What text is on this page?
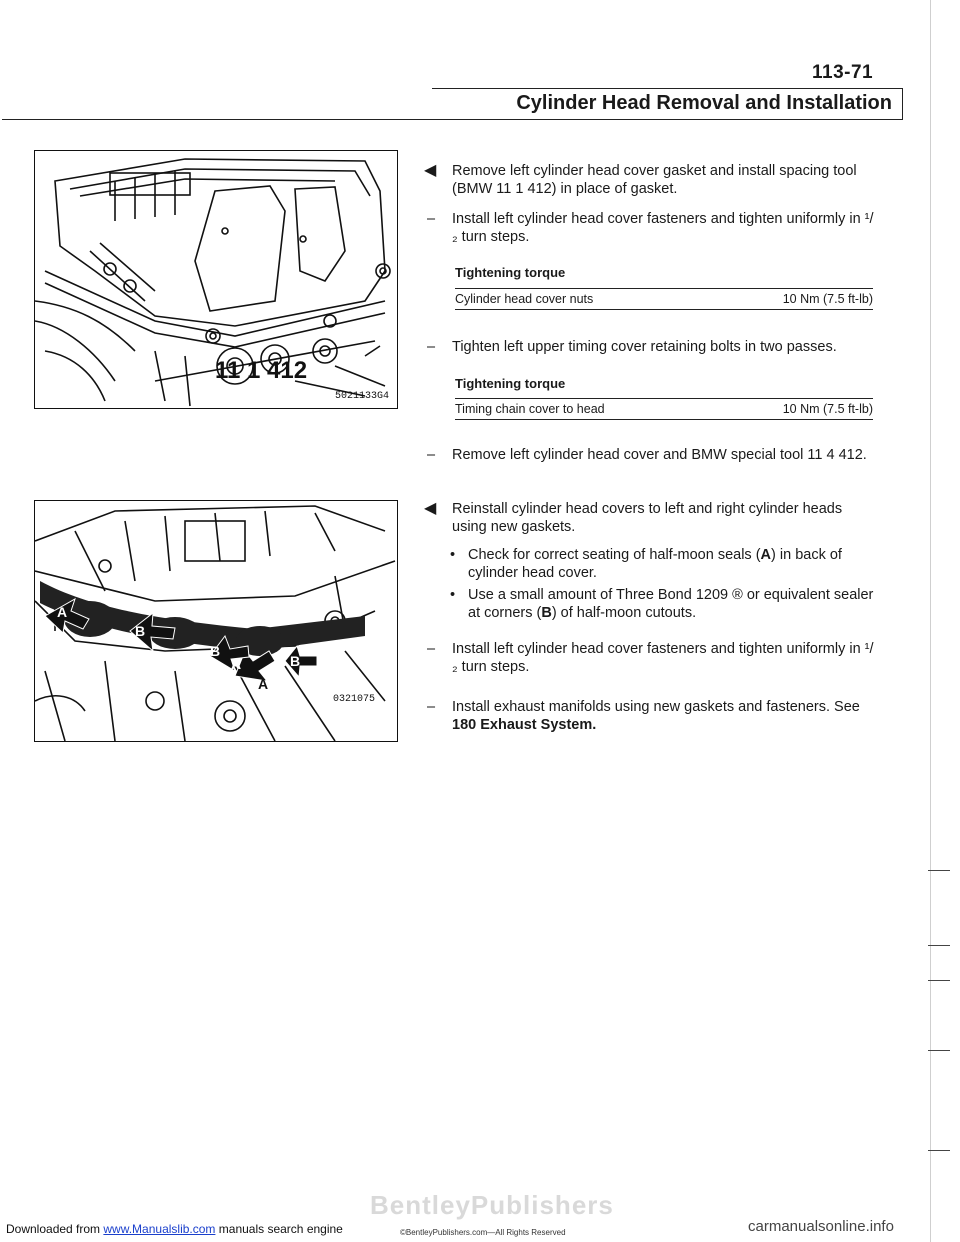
113-71
Cylinder Head Removal and Installation
11 1 412
5021133G4
A
A
B
B
A
B
0321075
◀	Remove left cylinder head cover gasket and install spacing tool (BMW 11 1 412) in place of gasket.
–	Install left cylinder head cover fasteners and tighten uniformly in ¹/₂ turn steps.
Tightening torque
Cylinder head cover nuts	10 Nm (7.5 ft-lb)
–	Tighten left upper timing cover retaining bolts in two passes.
Tightening torque
Timing chain cover to head	10 Nm (7.5 ft-lb)
–	Remove left cylinder head cover and BMW special tool 11 4 412.
◀	Reinstall cylinder head covers to left and right cylinder heads using new gaskets.
• Check for correct seating of half-moon seals (A) in back of cylinder head cover.
• Use a small amount of Three Bond 1209 ® or equivalent sealer at corners (B) of half-moon cutouts.
–	Install left cylinder head cover fasteners and tighten uniformly in ¹/₂ turn steps.
–	Install exhaust manifolds using new gaskets and fasteners. See 180 Exhaust System.
BentleyPublishers
Downloaded from www.Manualslib.com manuals search engine	©BentleyPublishers.com—All Rights Reserved	carmanualsonline.info
